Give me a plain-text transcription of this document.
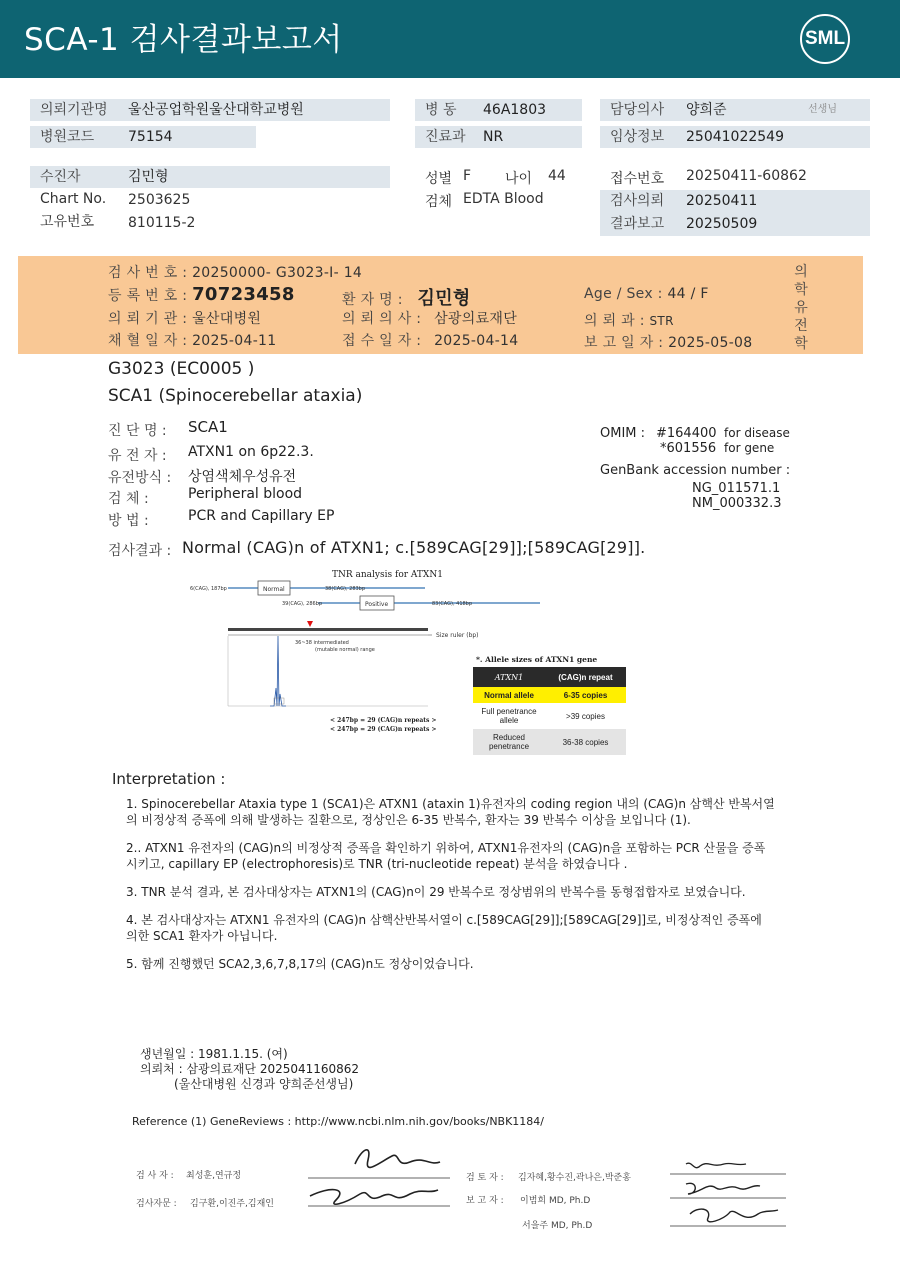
SCA-1 검사결과보고서	SML
의뢰기관명 울산공업학원울산대학교병원
병원코드 75154
병 동 46A1803
진료과 NR
담당의사 양희준	선생님
임상정보 25041022549
수진자	김민형
Chart No. 2503625
고유번호 810115-2
성별 F 나이 44
검체 EDTA Blood
접수번호 20250411-60862
검사의뢰 20250411
결과보고 20250509
검 사 번 호 : 20250000- G3023-I- 14
등 록 번 호 : 70723458	환 자 명 : 김민형	Age / Sex : 44 / F
의 뢰 기 관 : 울산대병원	의 뢰 의 사 : 삼광의료재단	의 뢰 과 : STR
채 혈 일 자 : 2025-04-11	접 수 일 자 : 2025-04-14	보 고 일 자 : 2025-05-08
의
학
유
전
학
G3023 (EC0005 )
SCA1 (Spinocerebellar ataxia)
진 단 명 : SCA1
유 전 자 : ATXN1 on 6p22.3.
유전방식 : 상염색체우성유전
검 체 :	Peripheral blood
방 법 :	PCR and Capillary EP
OMIM : #164400 for disease
*601556 for gene
GenBank accession number :
NG_011571.1
NM_000332.3
검사결과 : Normal (CAG)n of ATXN1; c.[589CAG[29]];[589CAG[29]].
TNR analysis for ATXN1
Normal
6(CAG), 187bp	38(CAG), 283bp
Positive
39(CAG), 286bp	83(CAG), 418bp
Size ruler (bp)
36~38 intermediated
(mutable normal) range
< 247bp = 29 (CAG)n repeats >
< 247bp = 29 (CAG)n repeats >
*. Allele sizes of ATXN1 gene
ATXN1	(CAG)n repeat
Normal allele	6-35 copies
Full penetrance allele	>39 copies
Reduced penetrance	36-38 copies
Interpretation :

1. Spinocerebellar Ataxia type 1 (SCA1)은 ATXN1 (ataxin 1)유전자의 coding region 내의 (CAG)n 삼핵산 반복서열의 비정상적 증폭에 의해 발생하는 질환으로, 정상인은 6-35 반복수, 환자는 39 반복수 이상을 보입니다 (1).

2.. ATXN1 유전자의 (CAG)n의 비정상적 증폭을 확인하기 위하여, ATXN1유전자의 (CAG)n을 포함하는 PCR 산물을 증폭시키고, capillary EP (electrophoresis)로 TNR (tri-nucleotide repeat) 분석을 하였습니다 .

3. TNR 분석 결과, 본 검사대상자는 ATXN1의 (CAG)n이 29 반복수로 정상범위의 반복수를 동형접합자로 보였습니다.

4. 본 검사대상자는 ATXN1 유전자의 (CAG)n 삼핵산반복서열이 c.[589CAG[29]];[589CAG[29]]로, 비정상적인 증폭에 의한 SCA1 환자가 아닙니다.

5. 함께 진행했던 SCA2,3,6,7,8,17의 (CAG)n도 정상이었습니다.

생년월일 : 1981.1.15. (여)
의뢰처 : 삼광의료재단 2025041160862
(울산대병원 신경과 양희준선생님)
Reference (1) GeneReviews : http://www.ncbi.nlm.nih.gov/books/NBK1184/
검 사 자 : 최성훈,연규정
검사자문 : 김구환,이진주,김재인
검 토 자 : 김자혜,황수진,곽나은,박준홍
보 고 자 : 이범희 MD, Ph.D
서을주 MD, Ph.D
